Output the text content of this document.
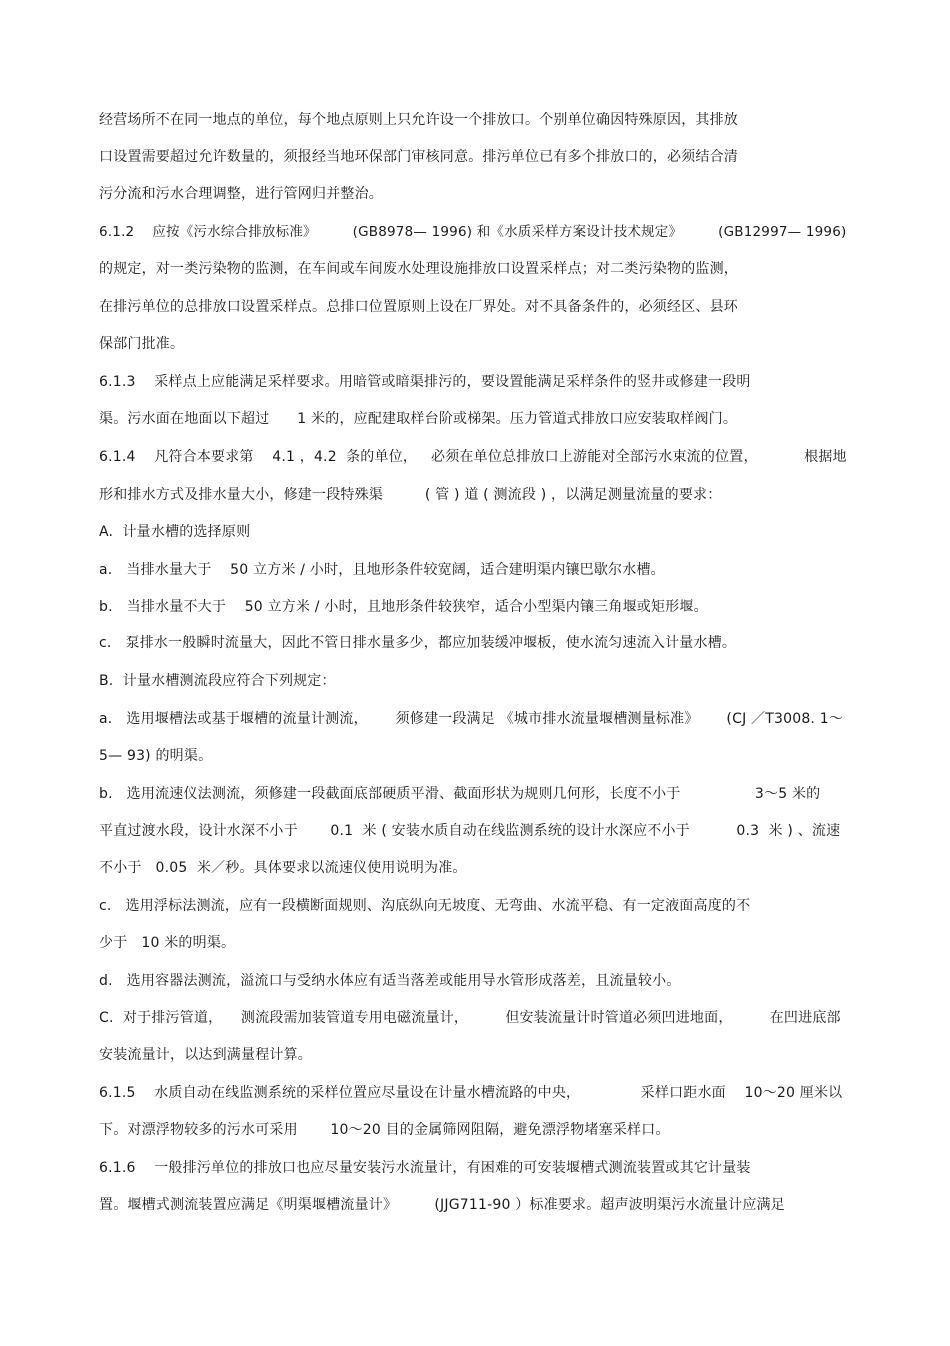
经营场所不在同一地点的单位，每个地点原则上只允许设一个排放口。个别单位确因特殊原因，其排放
口设置需要超过允许数量的，须报经当地环保部门审核同意。排污单位已有多个排放口的，必须结合清
污分流和污水合理调整，进行管网归并整治。
6.1.2    应按《污水综合排放标准》        (GB8978— 1996) 和《水质采样方案设计技术规定》        (GB12997— 1996)
的规定，对一类污染物的监测，在车间或车间废水处理设施排放口设置采样点；对二类污染物的监测，
在排污单位的总排放口设置采样点。总排口位置原则上设在厂界处。对不具备条件的，必须经区、县环
保部门批准。
6.1.3    采样点上应能满足采样要求。用暗管或暗渠排污的，要设置能满足采样条件的竖井或修建一段明
渠。污水面在地面以下超过      1 米的，应配建取样台阶或梯架。压力管道式排放口应安装取样阀门。
6.1.4    凡符合本要求第    4.1 ，4.2  条的单位，   必须在单位总排放口上游能对全部污水束流的位置，          根据地
形和排水方式及排水量大小，修建一段特殊渠         ( 管 ) 道 ( 测流段 ) ，以满足测量流量的要求：
A.  计量水槽的选择原则
a.   当排水量大于    50 立方米 / 小时，且地形条件较宽阔，适合建明渠内镶巴歇尔水槽。
b.   当排水量不大于    50 立方米 / 小时，且地形条件较狭窄，适合小型渠内镶三角堰或矩形堰。
c.   泵排水一般瞬时流量大，因此不管日排水量多少，都应加装缓冲堰板，使水流匀速流入计量水槽。
B.  计量水槽测流段应符合下列规定：
a.   选用堰槽法或基于堰槽的流量计测流，      须修建一段满足 《城市排水流量堰槽测量标准》      (CJ ／T3008. 1～
5— 93) 的明渠。
b.   选用流速仪法测流，须修建一段截面底部硬质平滑、截面形状为规则几何形，长度不小于                3～5 米的
平直过渡水段，设计水深不小于       0.1  米 ( 安装水质自动在线监测系统的设计水深应不小于          0.3  米 ) 、流速
不小于   0.05  米／秒。具体要求以流速仪使用说明为准。
c.   选用浮标法测流，应有一段横断面规则、沟底纵向无坡度、无弯曲、水流平稳、有一定液面高度的不
少于   10 米的明渠。
d.   选用容器法测流，溢流口与受纳水体应有适当落差或能用导水管形成落差，且流量较小。
C.  对于排污管道，    测流段需加装管道专用电磁流量计，        但安装流量计时管道必须凹进地面，        在凹进底部
安装流量计，以达到满量程计算。
6.1.5    水质自动在线监测系统的采样位置应尽量设在计量水槽流路的中央，             采样口距水面    10～20 厘米以
下。对漂浮物较多的污水可采用       10～20 目的金属筛网阻隔，避免漂浮物堵塞采样口。
6.1.6    一般排污单位的排放口也应尽量安装污水流量计，有困难的可安装堰槽式测流装置或其它计量装
置。堰槽式测流装置应满足《明渠堰槽流量计》        (JJG711-90 ）标准要求。超声波明渠污水流量计应满足
